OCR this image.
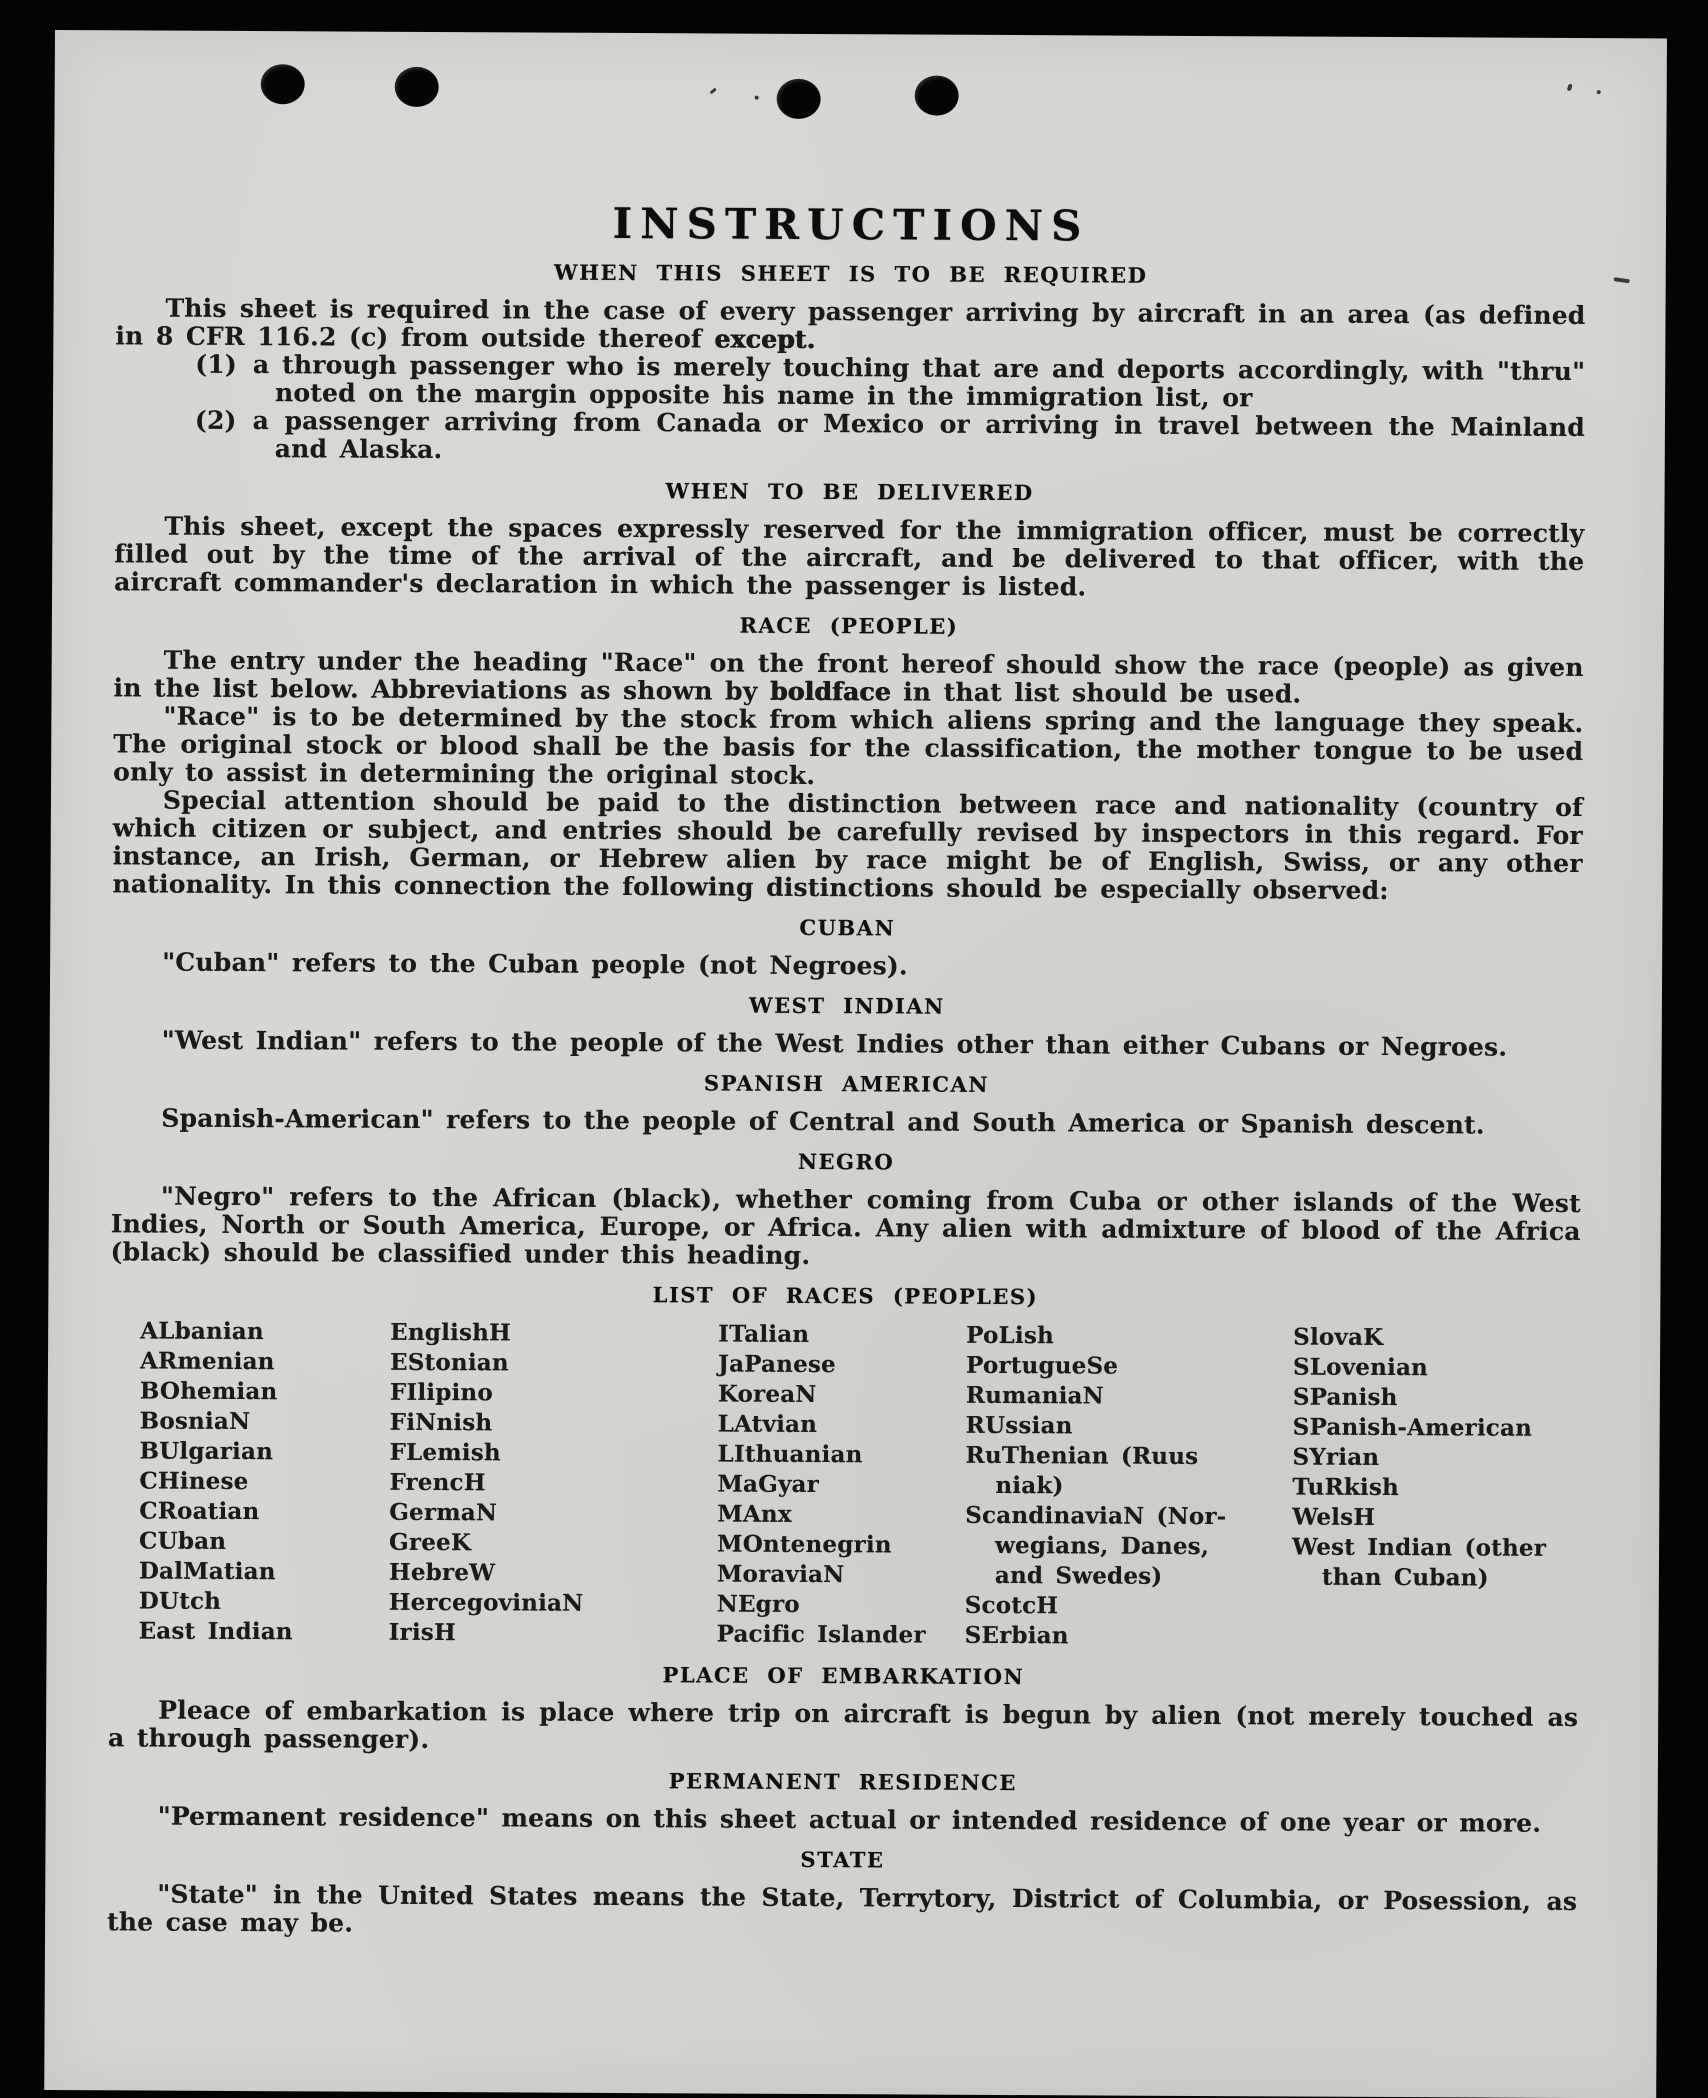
INSTRUCTIONS
WHEN THIS SHEET IS TO BE REQUIRED

This sheet is required in the case of every passenger arriving by aircraft in an area (as defined in 8 CFR 116.2 (c) from outside thereof except.

(1) a through passenger who is merely touching that are and deports accordingly, with "thru" noted on the margin opposite his name in the immigration list, or
(2) a passenger arriving from Canada or Mexico or arriving in travel between the Mainland and Alaska.
WHEN TO BE DELIVERED

This sheet, except the spaces expressly reserved for the immigration officer, must be correctly filled out by the time of the arrival of the aircraft, and be delivered to that officer, with the aircraft commander's declaration in which the passenger is listed.

RACE (PEOPLE)

The entry under the heading "Race" on the front hereof should show the race (people) as given in the list below. Abbreviations as shown by boldface in that list should be used.

"Race" is to be determined by the stock from which aliens spring and the language they speak. The original stock or blood shall be the basis for the classification, the mother tongue to be used only to assist in determining the original stock.

Special attention should be paid to the distinction between race and nationality (country of which citizen or subject, and entries should be carefully revised by inspectors in this regard. For instance, an Irish, German, or Hebrew alien by race might be of English, Swiss, or any other nationality. In this connection the following distinctions should be especially observed:

CUBAN

"Cuban" refers to the Cuban people (not Negroes).

WEST INDIAN

"West Indian" refers to the people of the West Indies other than either Cubans or Negroes.

SPANISH AMERICAN

Spanish-American" refers to the people of Central and South America or Spanish descent.

NEGRO

"Negro" refers to the African (black), whether coming from Cuba or other islands of the West Indies, North or South America, Europe, or Africa. Any alien with admixture of blood of the Africa (black) should be classified under this heading.

LIST OF RACES (PEOPLES)
ALbanian
ARmenian
BOhemian
BosniaN
BUlgarian
CHinese
CRoatian
CUban
DalMatian
DUtch
East Indian
EnglishH
EStonian
FIlipino
FiNnish
FLemish
FrencH
GermaN
GreeK
HebreW
HercegoviniaN
IrisH
ITalian
JaPanese
KoreaN
LAtvian
LIthuanian
MaGyar
MAnx
MOntenegrin
MoraviaN
NEgro
Pacific Islander
PoLish
PortugueSe
RumaniaN
RUssian
RuThenian (Ruus
niak)
ScandinaviaN (Nor-
wegians, Danes,
and Swedes)
ScotcH
SErbian
SlovaK
SLovenian
SPanish
SPanish-American
SYrian
TuRkish
WelsH
West Indian (other
than Cuban)
PLACE OF EMBARKATION

Pleace of embarkation is place where trip on aircraft is begun by alien (not merely touched as a through passenger).

PERMANENT RESIDENCE

"Permanent residence" means on this sheet actual or intended residence of one year or more.

STATE

"State" in the United States means the State, Terrytory, District of Columbia, or Posession, as the case may be.
